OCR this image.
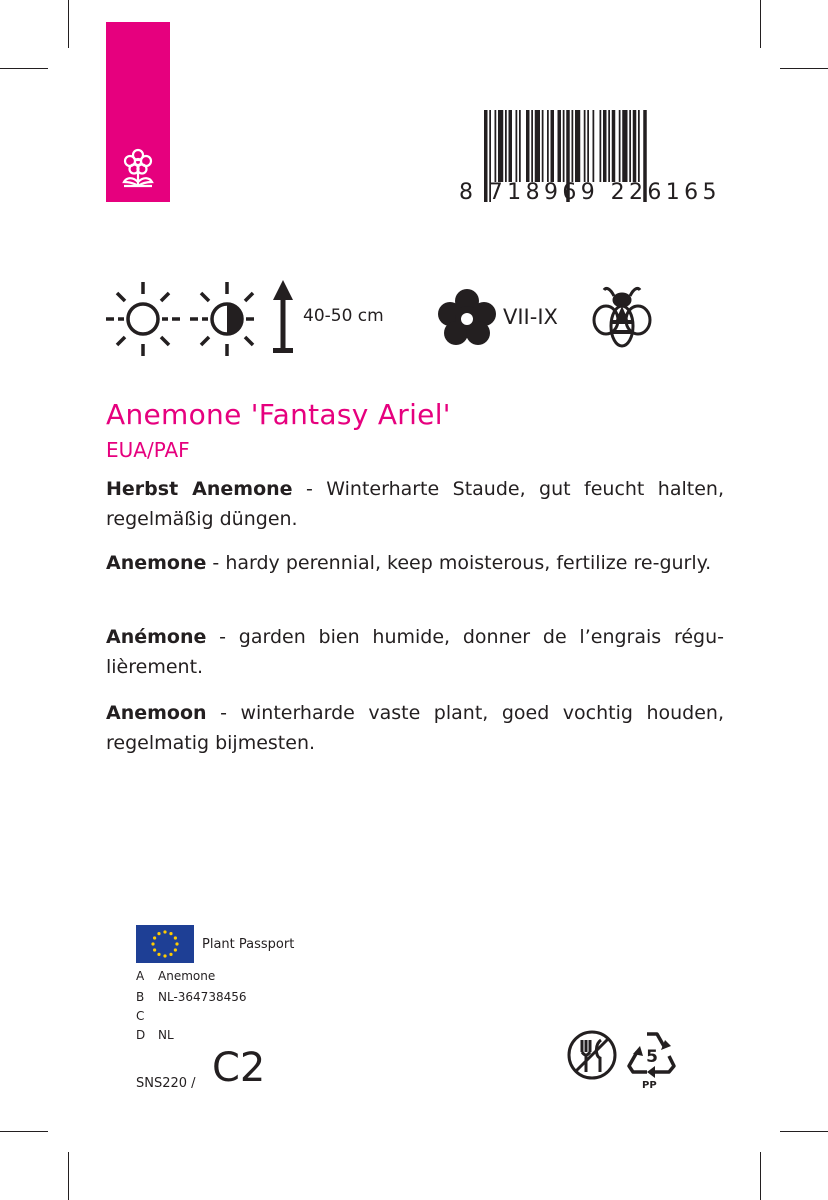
8 718969 226165
40-50 cm	VII-IX
Anemone 'Fantasy Ariel'
EUA/PAF
Herbst Anemone - Winterharte Staude, gut feucht halten, regelmäßig düngen.
Anemone - hardy perennial, keep moisterous, fertilize re-gurly.
Anémone - garden bien humide, donner de l’engrais régu-lièrement.
Anemoon - winterharde vaste plant, goed vochtig houden, regelmatig bijmesten.
Plant Passport
A Anemone
B NL-364738456
C
D NL
SNS220 / C2	5
PP
